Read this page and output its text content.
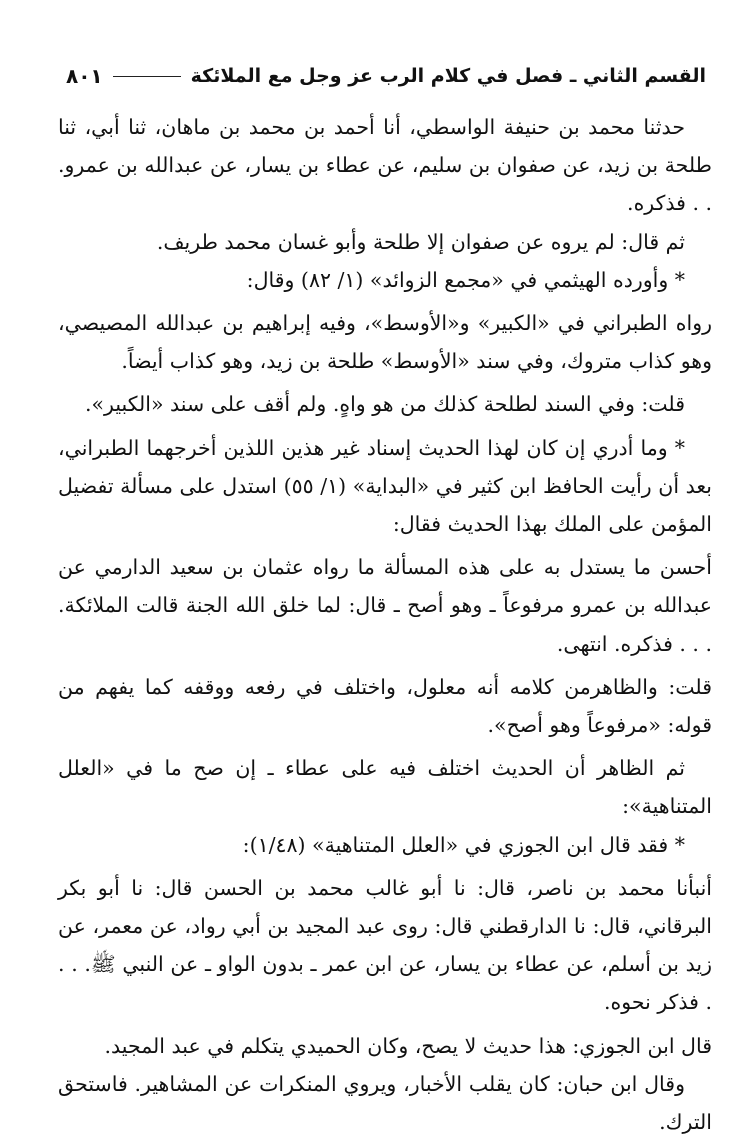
القسم الثاني ـ فصل في كلام الرب عز وجل مع الملائكة
٨٠١

حدثنا محمد بن حنيفة الواسطي، أنا أحمد بن محمد بن ماهان، ثنا أبي، ثنا طلحة بن زيد، عن صفوان بن سليم، عن عطاء بن يسار، عن عبدالله بن عمرو. . . فذكره.

ثم قال: لم يروه عن صفوان إلا طلحة وأبو غسان محمد طريف.

* وأورده الهيثمي في «مجمع الزوائد» (١/ ٨٢) وقال:

رواه الطبراني في «الكبير» و«الأوسط»، وفيه إبراهيم بن عبدالله المصيصي، وهو كذاب متروك، وفي سند «الأوسط» طلحة بن زيد، وهو كذاب أيضاً.

قلت: وفي السند لطلحة كذلك من هو واهٍ. ولم أقف على سند «الكبير».

* وما أدري إن كان لهذا الحديث إسناد غير هذين اللذين أخرجهما الطبراني، بعد أن رأيت الحافظ ابن كثير في «البداية» (١/ ٥٥) استدل على مسألة تفضيل المؤمن على الملك بهذا الحديث فقال:

أحسن ما يستدل به على هذه المسألة ما رواه عثمان بن سعيد الدارمي عن عبدالله بن عمرو مرفوعاً ـ وهو أصح ـ قال: لما خلق الله الجنة قالت الملائكة. . . . فذكره. انتهى.

قلت: والظاهرمن كلامه أنه معلول، واختلف في رفعه ووقفه كما يفهم من قوله: «مرفوعاً وهو أصح».

ثم الظاهر أن الحديث اختلف فيه على عطاء ـ إن صح ما في «العلل المتناهية»:

* فقد قال ابن الجوزي في «العلل المتناهية» (١/٤٨):

أنبأنا محمد بن ناصر، قال: نا أبو غالب محمد بن الحسن قال: نا أبو بكر البرقاني، قال: نا الدارقطني قال: روى عبد المجيد بن أبي رواد، عن معمر، عن زيد بن أسلم، عن عطاء بن يسار، عن ابن عمر ـ بدون الواو ـ عن النبي ﷺ. . . . فذكر نحوه.

قال ابن الجوزي: هذا حديث لا يصح، وكان الحميدي يتكلم في عبد المجيد.

وقال ابن حبان: كان يقلب الأخبار، ويروي المنكرات عن المشاهير. فاستحق الترك.
